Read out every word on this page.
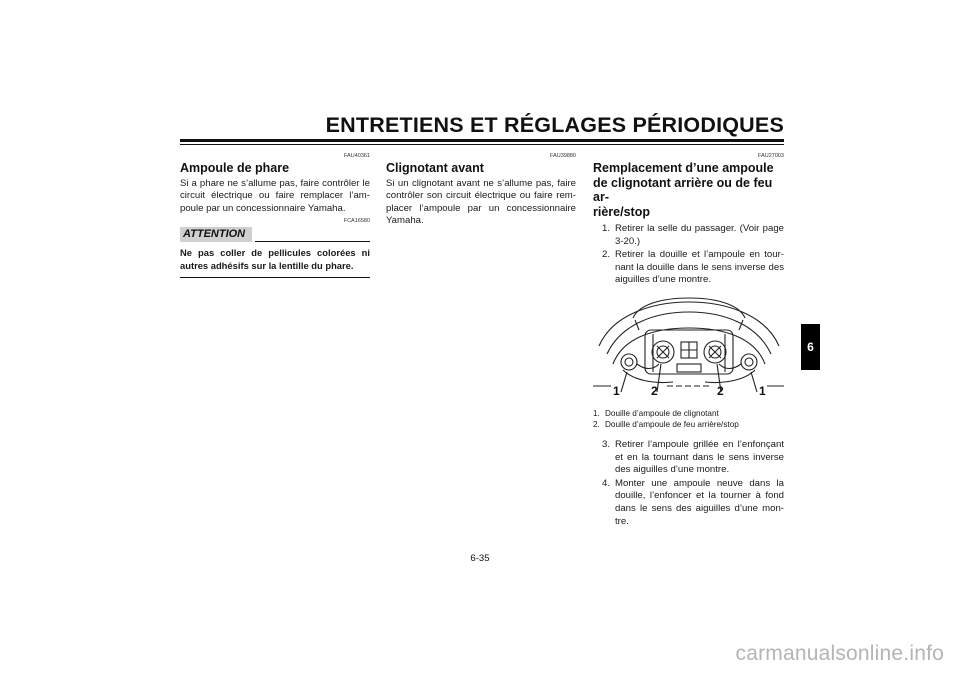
ENTRETIENS ET RÉGLAGES PÉRIODIQUES
FAU40361
Ampoule de phare

Si a phare ne s’allume pas, faire contrôler le circuit électrique ou faire remplacer l’am-poule par un concessionnaire Yamaha.

FCA16580
ATTENTION

Ne pas coller de pellicules colorées ni autres adhésifs sur la lentille du phare.

FAU39880
Clignotant avant

Si un clignotant avant ne s’allume pas, faire contrôler son circuit électrique ou faire rem-placer l’ampoule par un concessionnaire Yamaha.

FAU27003
Remplacement d’une ampoule
de clignotant arrière ou de feu ar-
rière/stop
1. Retirer la selle du passager. (Voir page 3-20.)
2. Retirer la douille et l’ampoule en tour-nant la douille dans le sens inverse des aiguilles d’une montre.
1	2	2	1
1. Douille d’ampoule de clignotant
2. Douille d’ampoule de feu arrière/stop
3. Retirer l’ampoule grillée en l’enfonçant et en la tournant dans le sens inverse des aiguilles d’une montre.
4. Monter une ampoule neuve dans la douille, l’enfoncer et la tourner à fond dans le sens des aiguilles d’une mon-tre.
6
6-35
carmanualsonline.info
